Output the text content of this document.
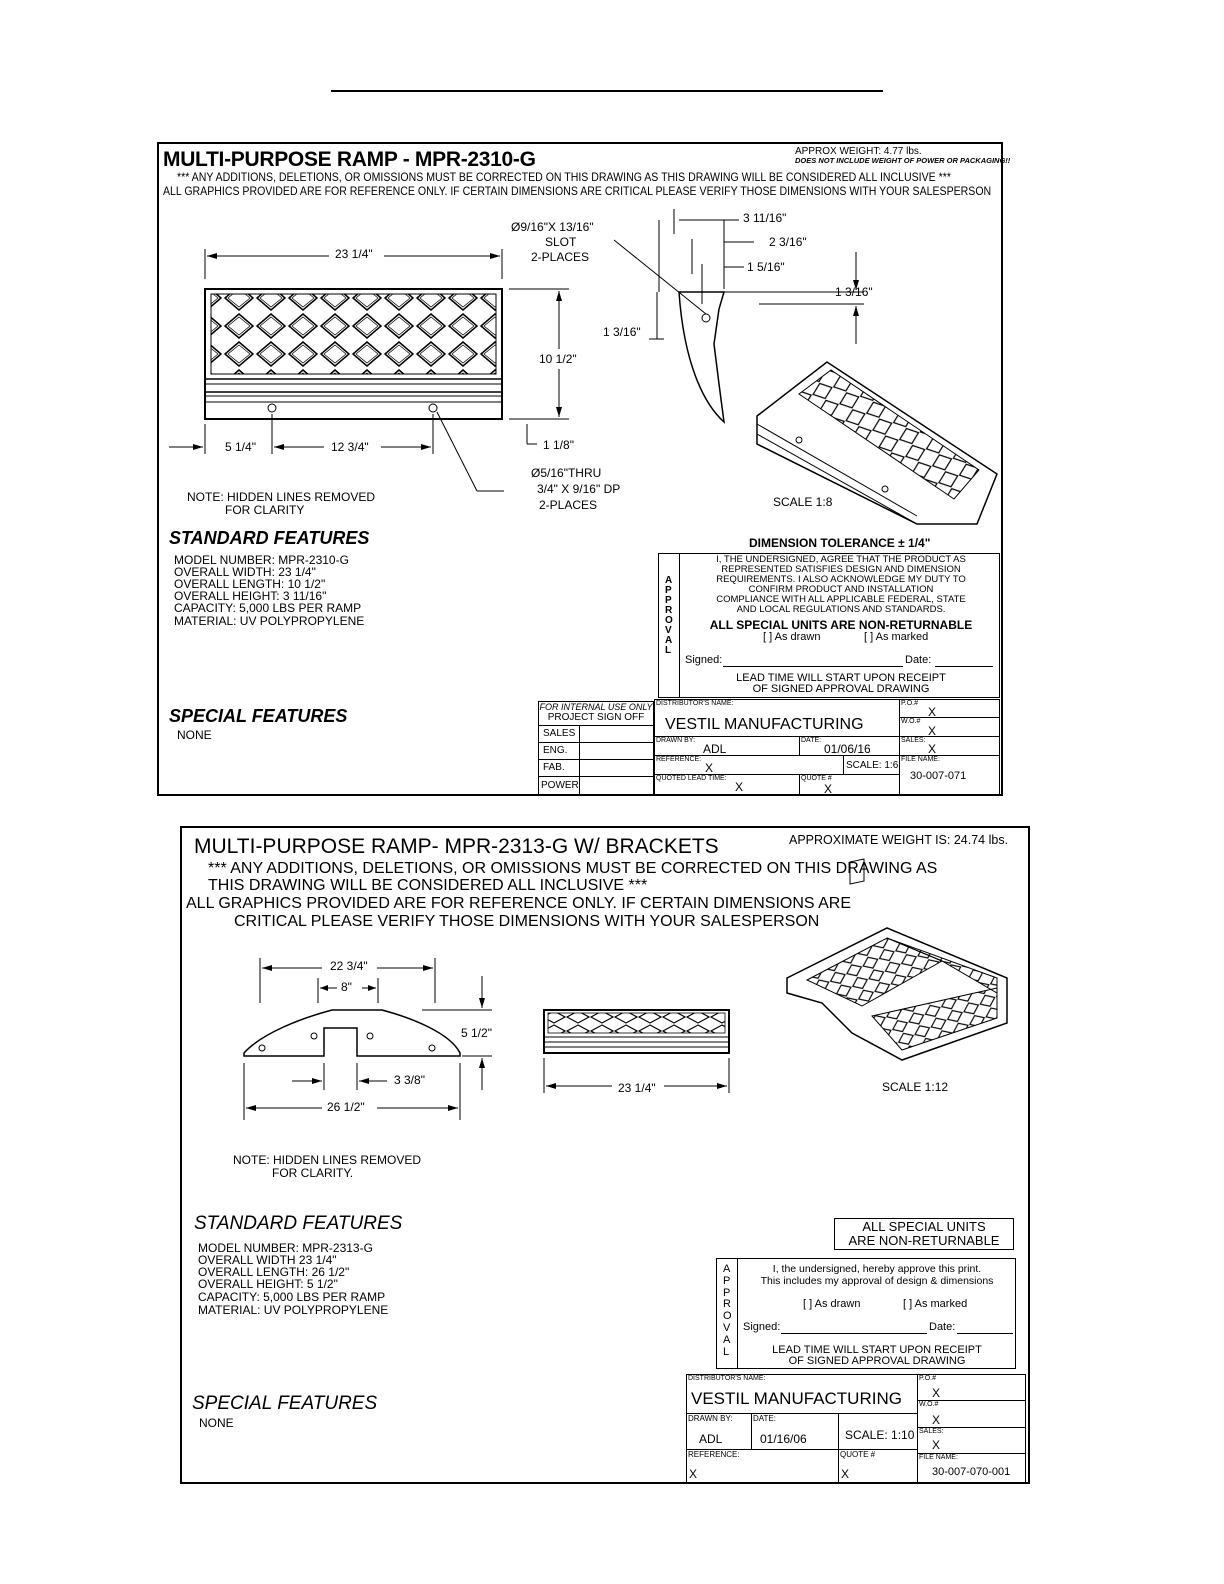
MULTI-PURPOSE RAMP - MPR-2310-G	APPROX WEIGHT: 4.77 lbs.
DOES NOT INCLUDE WEIGHT OF POWER OR PACKAGING!!
*** ANY ADDITIONS, DELETIONS, OR OMISSIONS MUST BE CORRECTED ON THIS DRAWING AS THIS DRAWING WILL BE CONSIDERED ALL INCLUSIVE ***
ALL GRAPHICS PROVIDED ARE FOR REFERENCE ONLY. IF CERTAIN DIMENSIONS ARE CRITICAL PLEASE VERIFY THOSE DIMENSIONS WITH YOUR SALESPERSON
23 1/4"
10 1/2"
5 1/4"	12 3/4"	1 1/8"
Ø9/16"X 13/16"
SLOT
2-PLACES
Ø5/16"THRU
3/4" X 9/16" DP
2-PLACES
3 11/16"
2 3/16"
1 5/16"
1 3/16"
1 3/16"
NOTE: HIDDEN LINES REMOVED
FOR CLARITY
SCALE 1:8
STANDARD FEATURES
MODEL NUMBER: MPR-2310-G
OVERALL WIDTH: 23 1/4"
OVERALL LENGTH: 10 1/2"
OVERALL HEIGHT: 3 11/16"
CAPACITY: 5,000 LBS PER RAMP
MATERIAL: UV POLYPROPYLENE
SPECIAL FEATURES
NONE
DIMENSION TOLERANCE ± 1/4"
A
P
P
R
O
V
A
L
I, THE UNDERSIGNED, AGREE THAT THE PRODUCT AS
REPRESENTED SATISFIES DESIGN AND DIMENSION
REQUIREMENTS. I ALSO ACKNOWLEDGE MY DUTY TO
CONFIRM PRODUCT AND INSTALLATION
COMPLIANCE WITH ALL APPLICABLE FEDERAL, STATE
AND LOCAL REGULATIONS AND STANDARDS.
ALL SPECIAL UNITS ARE NON-RETURNABLE
[ ] As drawn	[ ] As marked
Signed:	Date:
LEAD TIME WILL START UPON RECEIPT
OF SIGNED APPROVAL DRAWING
FOR INTERNAL USE ONLY
PROJECT SIGN OFF
SALES
ENG.
FAB.
POWER
DISTRIBUTOR'S NAME:
VESTIL MANUFACTURING
P.O.#
X
W.O.#
X
DRAWN BY:
ADL
DATE:
01/06/16
SALES:
X
REFERENCE:
X	SCALE: 1:6
FILE NAME:
30-007-071
QUOTED LEAD TIME:
X
QUOTE #
X
MULTI-PURPOSE RAMP- MPR-2313-G W/ BRACKETS	APPROXIMATE WEIGHT IS: 24.74 lbs.
*** ANY ADDITIONS, DELETIONS, OR OMISSIONS MUST BE CORRECTED ON THIS DRAWING AS
THIS DRAWING WILL BE CONSIDERED ALL INCLUSIVE ***
ALL GRAPHICS PROVIDED ARE FOR REFERENCE ONLY. IF CERTAIN DIMENSIONS ARE
CRITICAL PLEASE VERIFY THOSE DIMENSIONS WITH YOUR SALESPERSON
22 3/4"
8"
5 1/2"
3 3/8"
26 1/2"
23 1/4"	SCALE 1:12
NOTE: HIDDEN LINES REMOVED
FOR CLARITY.
STANDARD FEATURES
MODEL NUMBER: MPR-2313-G
OVERALL WIDTH 23 1/4"
OVERALL LENGTH: 26 1/2"
OVERALL HEIGHT: 5 1/2"
CAPACITY: 5,000 LBS PER RAMP
MATERIAL: UV POLYPROPYLENE
SPECIAL FEATURES
NONE
ALL SPECIAL UNITS
ARE NON-RETURNABLE
A
P
P
R
O
V
A
L
I, the undersigned, hereby approve this print.
This includes my approval of design & dimensions
[ ] As drawn	[ ] As marked
Signed:	Date:
LEAD TIME WILL START UPON RECEIPT
OF SIGNED APPROVAL DRAWING
DISTRIBUTOR'S NAME:
VESTIL MANUFACTURING
P.O.#
X
W.O.#
X
DRAWN BY:
ADL
DATE:
01/16/06	SCALE: 1:10 SALES:
X
REFERENCE:
X
QUOTE #
X
FILE NAME:
30-007-070-001
